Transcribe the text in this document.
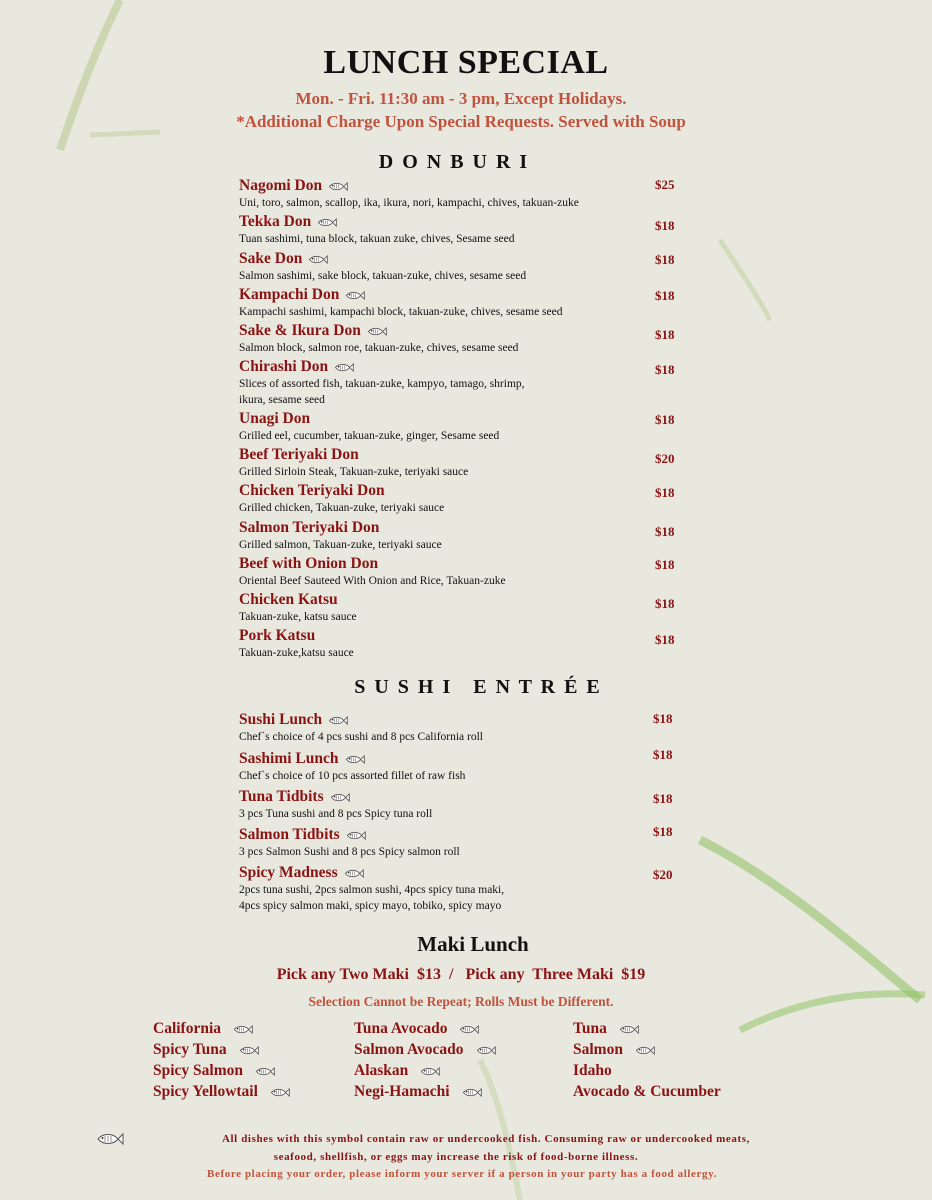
LUNCH SPECIAL
Mon. - Fri. 11:30 am - 3 pm, Except Holidays.
*Additional Charge Upon Special Requests. Served with Soup
D O N B U R I
Nagomi Don	$25
Uni, toro, salmon, scallop, ika, ikura, nori, kampachi, chives, takuan-zuke
Tekka Don	$18
Tuan sashimi, tuna block, takuan zuke, chives, Sesame seed
Sake Don	$18
Salmon sashimi, sake block, takuan-zuke, chives, sesame seed
Kampachi Don	$18
Kampachi sashimi, kampachi block, takuan-zuke, chives, sesame seed
Sake & Ikura Don	$18
Salmon block, salmon roe, takuan-zuke, chives, sesame seed
Chirashi Don	$18
Slices of assorted fish, takuan-zuke, kampyo, tamago, shrimp,
ikura, sesame seed
Unagi Don	$18
Grilled eel, cucumber, takuan-zuke, ginger, Sesame seed
Beef Teriyaki Don	$20
Grilled Sirloin Steak, Takuan-zuke, teriyaki sauce
Chicken Teriyaki Don	$18
Grilled chicken, Takuan-zuke, teriyaki sauce
Salmon Teriyaki Don	$18
Grilled salmon, Takuan-zuke, teriyaki sauce
Beef with Onion Don	$18
Oriental Beef Sauteed With Onion and Rice, Takuan-zuke
Chicken Katsu	$18
Takuan-zuke, katsu sauce
Pork Katsu	$18
Takuan-zuke,katsu sauce
S U S H I   E N T R É E
Sushi Lunch	$18
Chef`s choice of 4 pcs sushi and 8 pcs California roll
Sashimi Lunch	$18
Chef`s choice of 10 pcs assorted fillet of raw fish
Tuna Tidbits	$18
3 pcs Tuna sushi and 8 pcs Spicy tuna roll
Salmon Tidbits	$18
3 pcs Salmon Sushi and 8 pcs Spicy salmon roll
Spicy Madness	$20
2pcs tuna sushi, 2pcs salmon sushi, 4pcs spicy tuna maki,
4pcs spicy salmon maki, spicy mayo, tobiko, spicy mayo
Maki Lunch
Pick any Two Maki  $13  /   Pick any  Three Maki  $19
Selection Cannot be Repeat; Rolls Must be Different.
California
Spicy Tuna
Spicy Salmon
Spicy Yellowtail
Tuna Avocado
Salmon Avocado
Alaskan
Negi-Hamachi
Tuna
Salmon
Idaho
Avocado & Cucumber
All dishes with this symbol contain raw or undercooked fish. Consuming raw or undercooked meats,
seafood, shellfish, or eggs may increase the risk of food-borne illness.
Before placing your order, please inform your server if a person in your party has a food allergy.
